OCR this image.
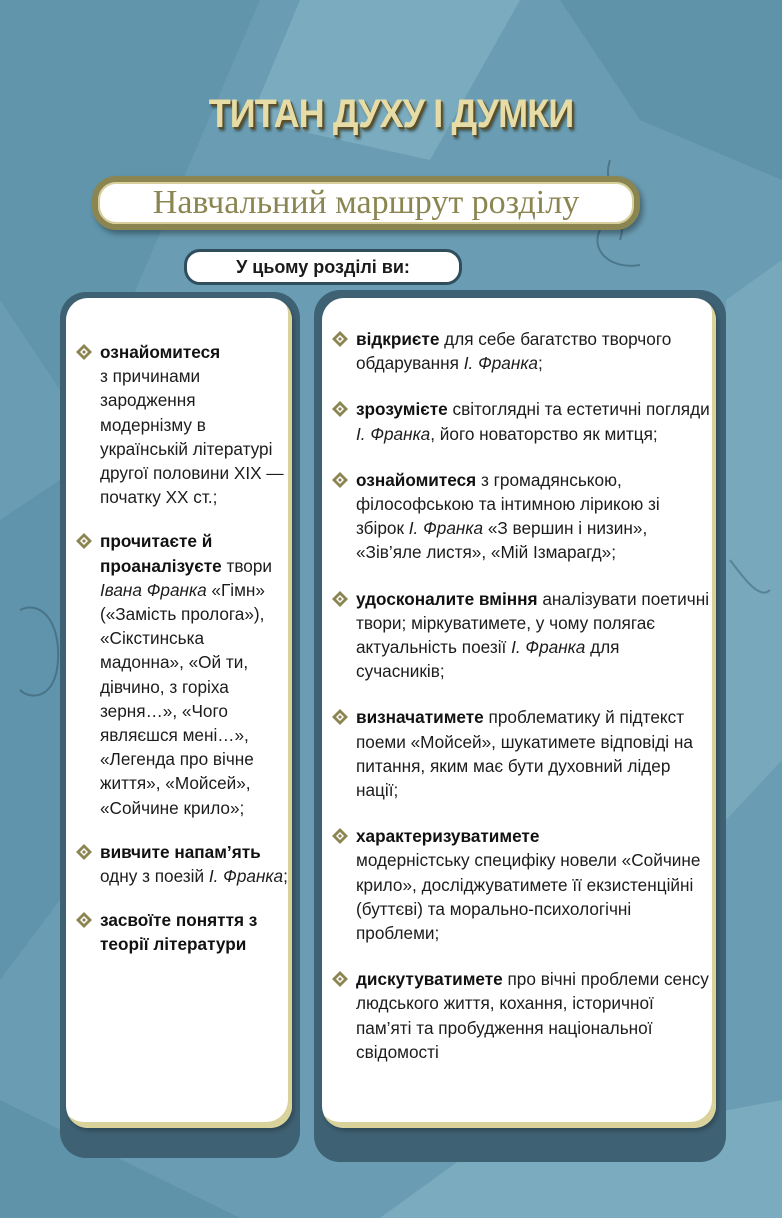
ТИТАН ДУХУ І ДУМКИ
Навчальний маршрут розділу
У цьому розділі ви:
ознайомитеся
з причинами зародження модернізму в українській літературі другої половини XIX — початку XX ст.;
прочитаєте й проаналізуєте твори Івана Франка «Гімн» («Замість пролога»), «Сікстинська мадонна», «Ой ти, дівчино, з горіха зерня…», «Чого являєшся мені…», «Легенда про вічне життя», «Мойсей», «Сойчине крило»;
вивчите напам’ять одну з поезій І. Франка;
засвоїте поняття з теорії літератури
відкриєте для себе багатство творчого обдарування І. Франка;
зрозумієте світоглядні та естетичні погляди І. Франка, його новаторство як митця;
ознайомитеся з громадянською, філософською та інтимною лірикою зі збірок І. Франка «З вершин і низин», «Зів’яле листя», «Мій Ізмарагд»;
удосконалите вміння аналізувати поетичні твори; міркуватимете, у чому полягає актуальність поезії І. Франка для сучасників;
визначатимете проблематику й підтекст поеми «Мойсей», шукатимете відповіді на питання, яким має бути духовний лідер нації;
характеризуватимете
модерністську специфіку новели «Сойчине крило», досліджуватимете її екзистенційні (буттєві) та морально-психологічні проблеми;
дискутуватимете про вічні проблеми сенсу людського життя, кохання, історичної пам’яті та пробудження національної свідомості
